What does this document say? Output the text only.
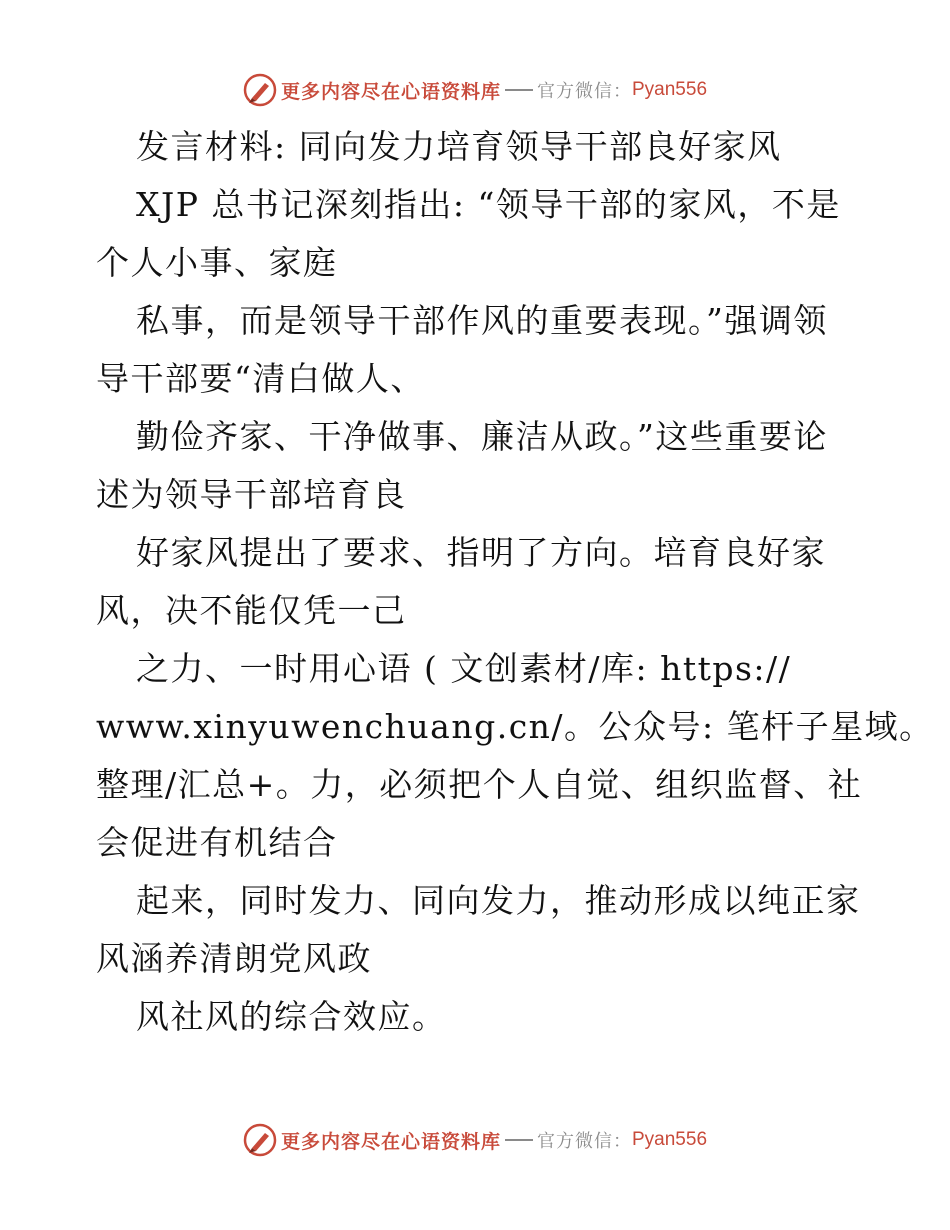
更多内容尽在心语资料库 官方微信： Pyan556
发言材料: 同向发力培育领导干部良好家风
XJP 总书记深刻指出: “领导干部的家风，不是
个人小事、家庭
私事，而是领导干部作风的重要表现。”强调领
导干部要“清白做人、
勤俭齐家、干净做事、廉洁从政。”这些重要论
述为领导干部培育良
好家风提出了要求、指明了方向。培育良好家
风，决不能仅凭一己
之力、一时用心语 ( 文创素材/库: https://
www.xinyuwenchuang.cn/。公众号: 笔杆子星域。
整理/汇总+。力，必须把个人自觉、组织监督、社
会促进有机结合
起来，同时发力、同向发力，推动形成以纯正家
风涵养清朗党风政
风社风的综合效应。
更多内容尽在心语资料库 官方微信： Pyan556
